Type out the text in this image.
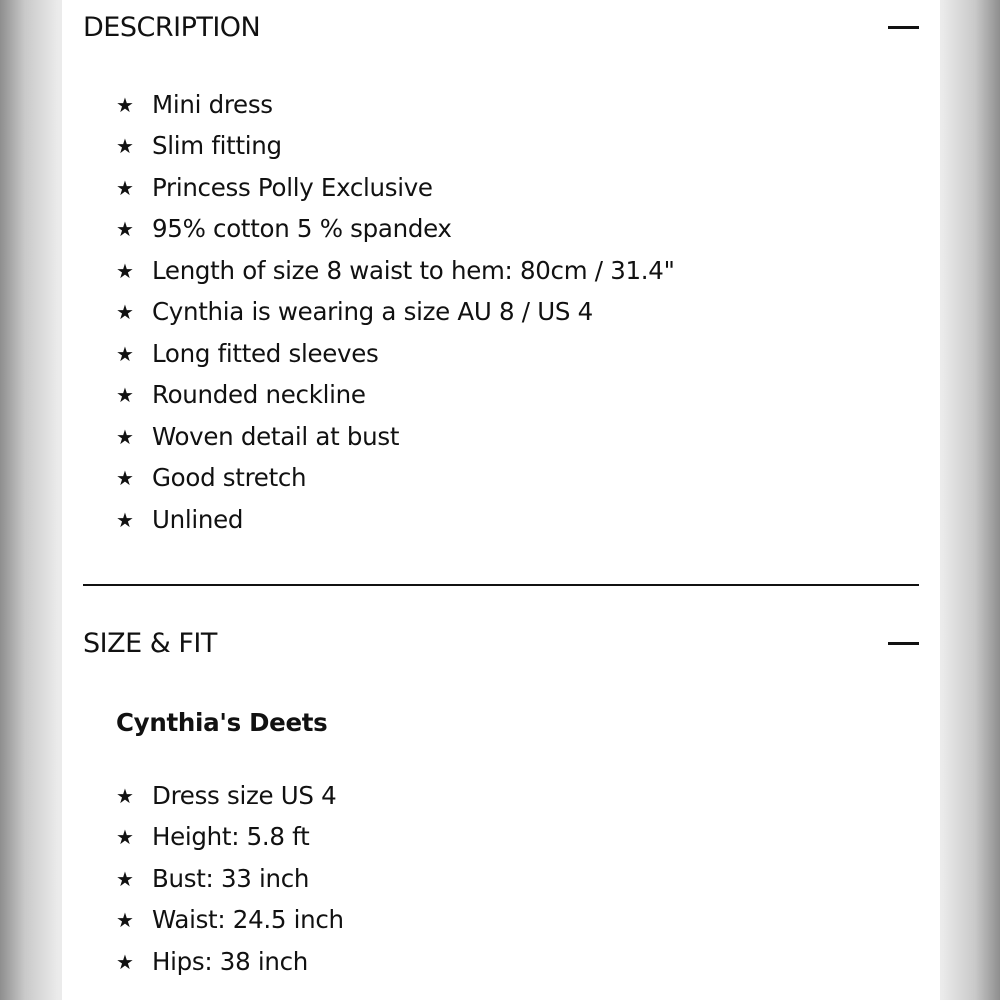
DESCRIPTION
★ Mini dress
★ Slim fitting
★ Princess Polly Exclusive
★ 95% cotton 5 % spandex
★ Length of size 8 waist to hem: 80cm / 31.4"
★ Cynthia is wearing a size AU 8 / US 4
★ Long fitted sleeves
★ Rounded neckline
★ Woven detail at bust
★ Good stretch
★ Unlined
SIZE & FIT
Cynthia's Deets
★ Dress size US 4
★ Height: 5.8 ft
★ Bust: 33 inch
★ Waist: 24.5 inch
★ Hips: 38 inch
